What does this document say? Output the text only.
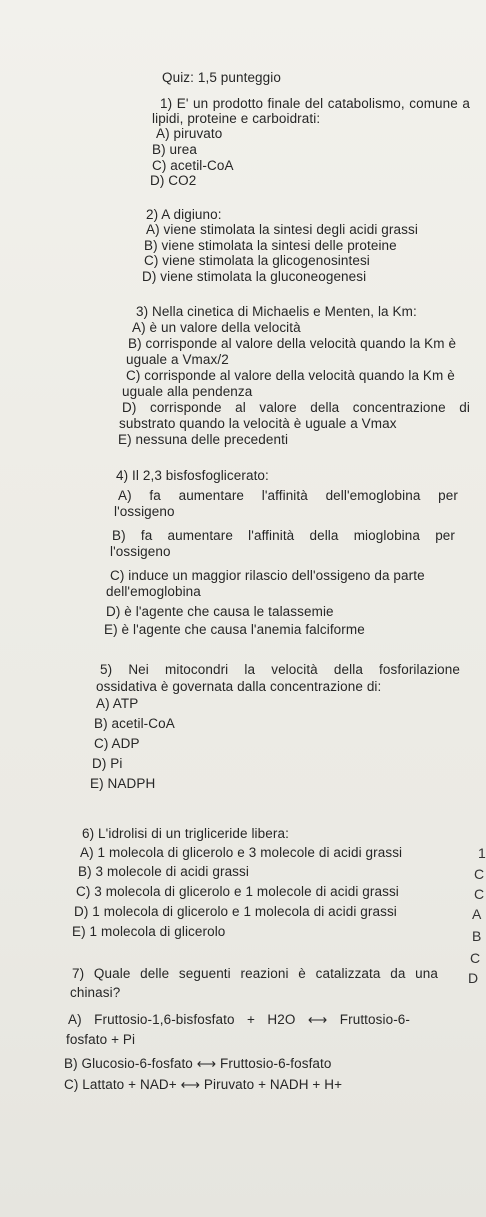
Quiz: 1,5 punteggio
1) E' un prodotto finale del catabolismo, comune a
lipidi, proteine e carboidrati:
A) piruvato
B) urea
C) acetil-CoA
D) CO2
2) A digiuno:
A) viene stimolata la sintesi degli acidi grassi
B) viene stimolata la sintesi delle proteine
C) viene stimolata la glicogenosintesi
D) viene stimolata la gluconeogenesi
3) Nella cinetica di Michaelis e Menten, la Km:
A) è un valore della velocità
B) corrisponde al valore della velocità quando la Km è
uguale a Vmax/2
C) corrisponde al valore della velocità quando la Km è
uguale alla pendenza
D) corrisponde al valore della concentrazione di
substrato quando la velocità è uguale a Vmax
E) nessuna delle precedenti
4) Il 2,3 bisfosfoglicerato:
A) fa aumentare l'affinità dell'emoglobina per
l'ossigeno
B) fa aumentare l'affinità della mioglobina per
l'ossigeno
C) induce un maggior rilascio dell'ossigeno da parte
dell'emoglobina
D) è l'agente che causa le talassemie
E) è l'agente che causa l'anemia falciforme
5) Nei mitocondri la velocità della fosforilazione
ossidativa è governata dalla concentrazione di:
A) ATP
B) acetil-CoA
C) ADP
D) Pi
E) NADPH
6) L'idrolisi di un trigliceride libera:
A) 1 molecola di glicerolo e 3 molecole di acidi grassi
B) 3 molecole di acidi grassi
C) 3 molecola di glicerolo e 1 molecole di acidi grassi
D) 1 molecola di glicerolo e 1 molecola di acidi grassi
E) 1 molecola di glicerolo
7) Quale delle seguenti reazioni è catalizzata da una
chinasi?
A) Fruttosio-1,6-bisfosfato + H2O ⟷ Fruttosio-6-
fosfato + Pi
B) Glucosio-6-fosfato ⟷ Fruttosio-6-fosfato
C) Lattato + NAD+ ⟷ Piruvato + NADH + H+
1
C
C
A
B
C
D
